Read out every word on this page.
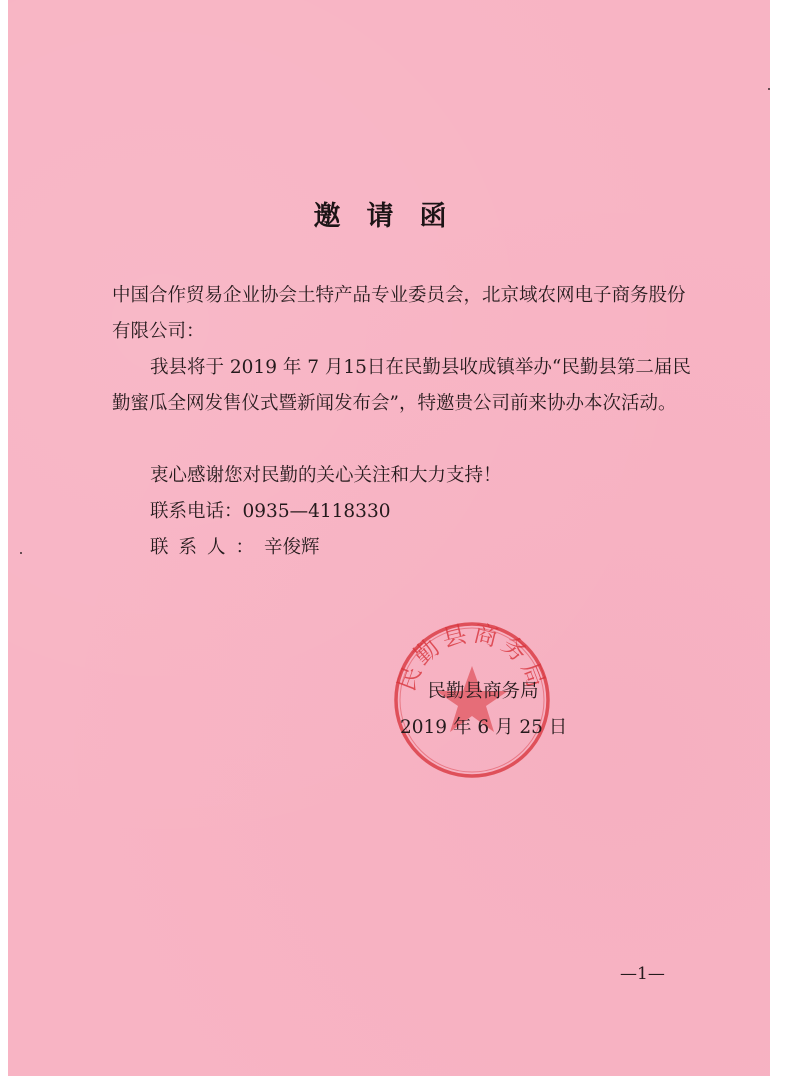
邀请函
中国合作贸易企业协会土特产品专业委员会，北京域农网电子商务股份有限公司：
我县将于 2019 年 7 月15日在民勤县收成镇举办“民勤县第二届民勤蜜瓜全网发售仪式暨新闻发布会”，特邀贵公司前来协办本次活动。
衷心感谢您对民勤的关心关注和大力支持！
联系电话：0935—4118330
联系人：辛俊辉
民勤县商务局
民勤县商务局
2019 年 6 月 25 日
—1—
